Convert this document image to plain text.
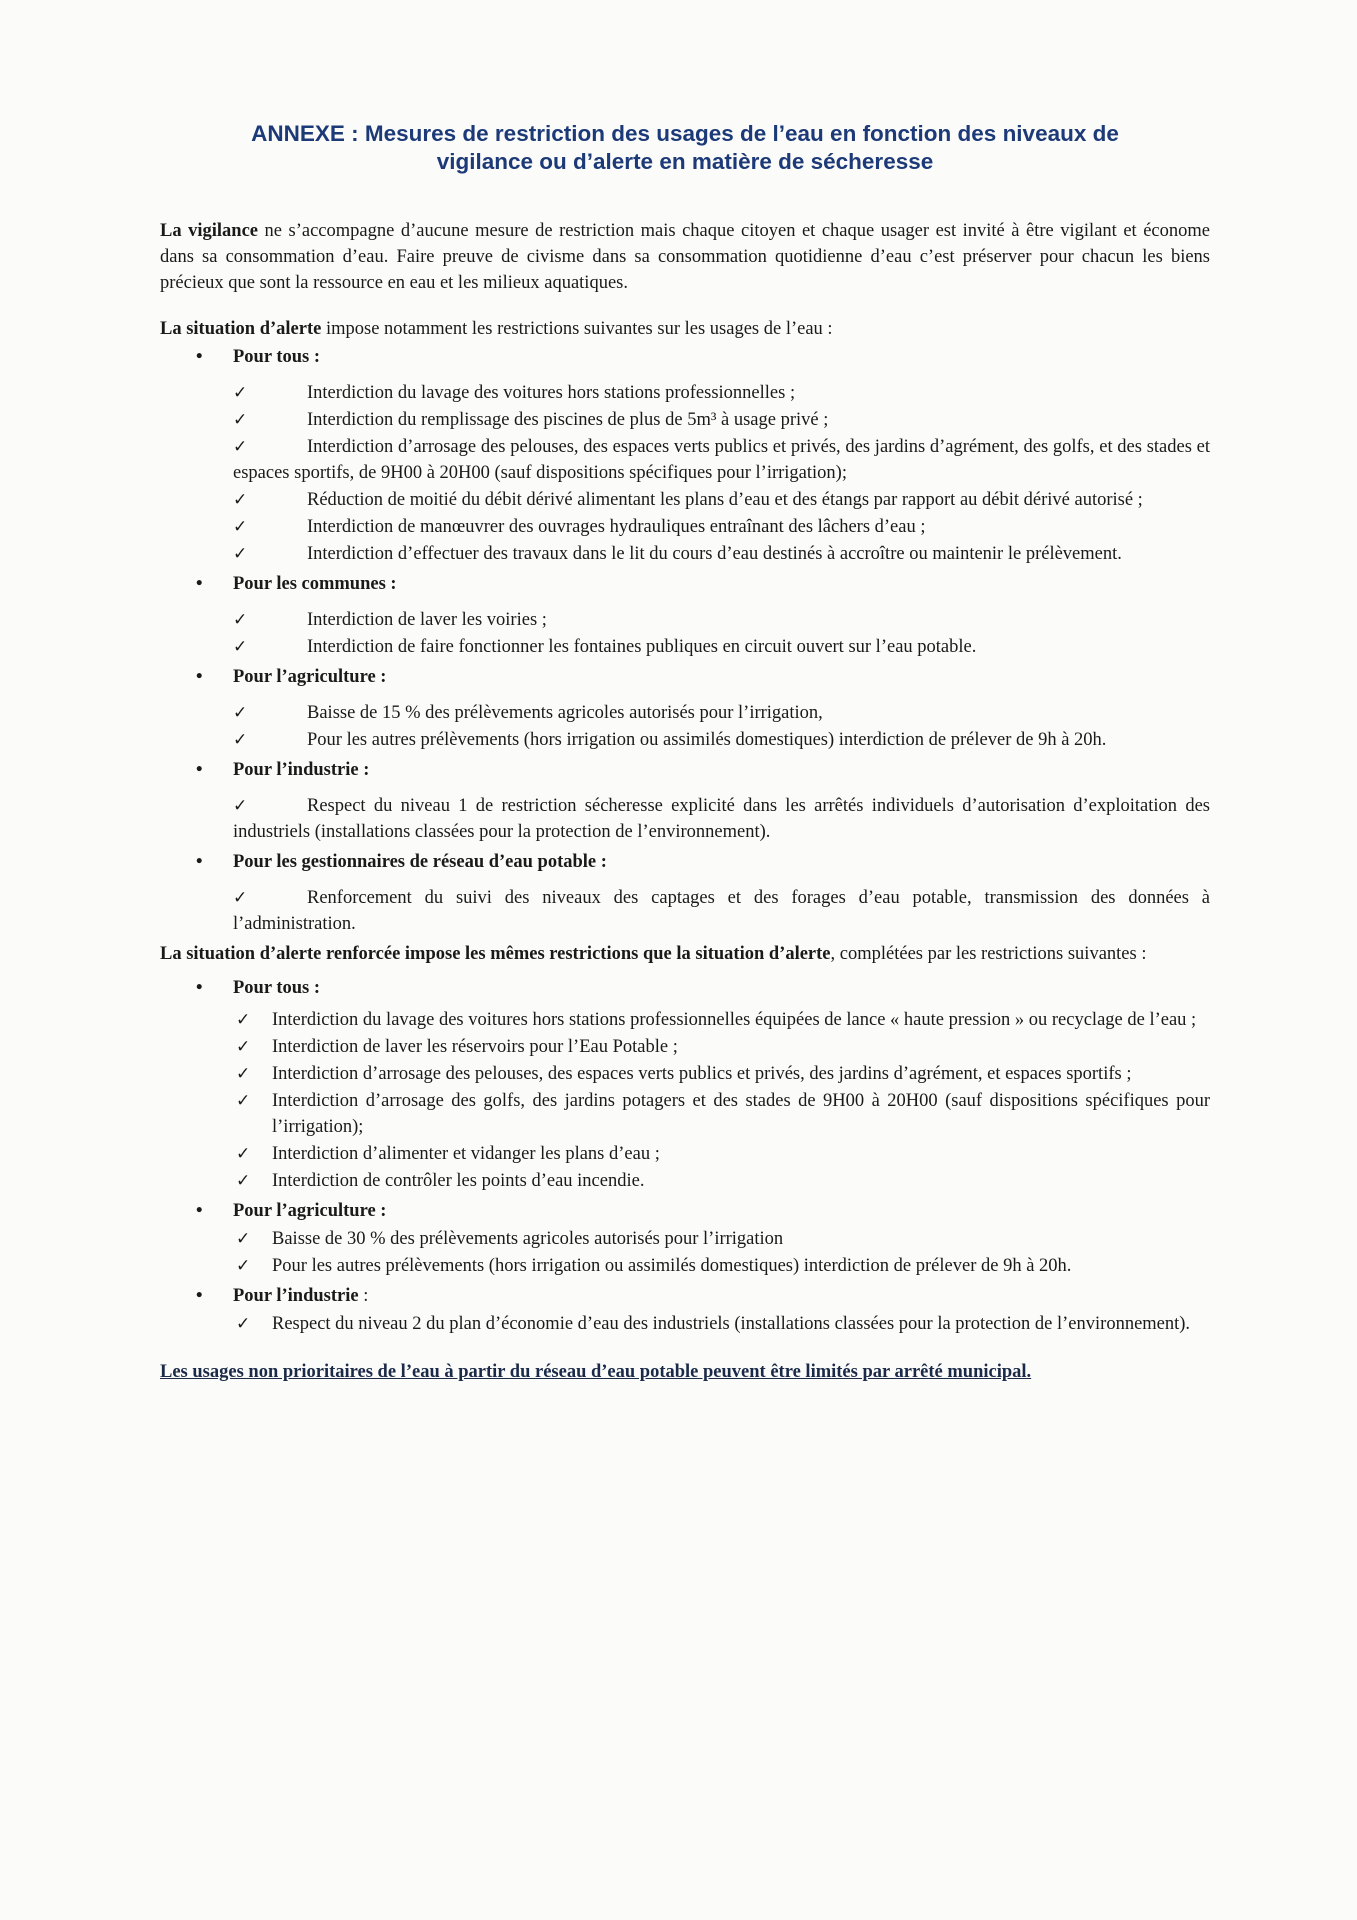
ANNEXE : Mesures de restriction des usages de l’eau en fonction des niveaux de
vigilance ou d’alerte en matière de sécheresse

La vigilance ne s’accompagne d’aucune mesure de restriction mais chaque citoyen et chaque usager est invité à être vigilant et économe dans sa consommation d’eau. Faire preuve de civisme dans sa consommation quotidienne d’eau c’est préserver pour chacun les biens précieux que sont la ressource en eau et les milieux aquatiques.

La situation d’alerte impose notamment les restrictions suivantes sur les usages de l’eau :

• Pour tous :
✓	Interdiction du lavage des voitures hors stations professionnelles ;
✓	Interdiction du remplissage des piscines de plus de 5m³ à usage privé ;
✓	Interdiction d’arrosage des pelouses, des espaces verts publics et privés, des jardins d’agrément, des golfs, et des stades et espaces sportifs, de 9H00 à 20H00 (sauf dispositions spécifiques pour l’irrigation);
✓	Réduction de moitié du débit dérivé alimentant les plans d’eau et des étangs par rapport au débit dérivé autorisé ;
✓	Interdiction de manœuvrer des ouvrages hydrauliques entraînant des lâchers d’eau ;
✓	Interdiction d’effectuer des travaux dans le lit du cours d’eau destinés à accroître ou maintenir le prélèvement.
• Pour les communes :
✓	Interdiction de laver les voiries ;
✓	Interdiction de faire fonctionner les fontaines publiques en circuit ouvert sur l’eau potable.
• Pour l’agriculture :
✓	Baisse de 15 % des prélèvements agricoles autorisés pour l’irrigation,
✓	Pour les autres prélèvements (hors irrigation ou assimilés domestiques) interdiction de prélever de 9h à 20h.
• Pour l’industrie :
✓	Respect du niveau 1 de restriction sécheresse explicité dans les arrêtés individuels d’autorisation d’exploitation des industriels (installations classées pour la protection de l’environnement).
• Pour les gestionnaires de réseau d’eau potable :
✓	Renforcement du suivi des niveaux des captages et des forages d’eau potable, transmission des données à l’administration.

La situation d’alerte renforcée impose les mêmes restrictions que la situation d’alerte, complétées par les restrictions suivantes :

• Pour tous :
✓ Interdiction du lavage des voitures hors stations professionnelles équipées de lance « haute pression » ou recyclage de l’eau ;
✓ Interdiction de laver les réservoirs pour l’Eau Potable ;
✓ Interdiction d’arrosage des pelouses, des espaces verts publics et privés, des jardins d’agrément, et espaces sportifs ;
✓ Interdiction d’arrosage des golfs, des jardins potagers et des stades de 9H00 à 20H00 (sauf dispositions spécifiques pour l’irrigation);
✓ Interdiction d’alimenter et vidanger les plans d’eau ;
✓ Interdiction de contrôler les points d’eau incendie.
• Pour l’agriculture :
✓ Baisse de 30 % des prélèvements agricoles autorisés pour l’irrigation
✓ Pour les autres prélèvements (hors irrigation ou assimilés domestiques) interdiction de prélever de 9h à 20h.
• Pour l’industrie :
✓ Respect du niveau 2 du plan d’économie d’eau des industriels (installations classées pour la protection de l’environnement).

Les usages non prioritaires de l’eau à partir du réseau d’eau potable peuvent être limités par arrêté municipal.
